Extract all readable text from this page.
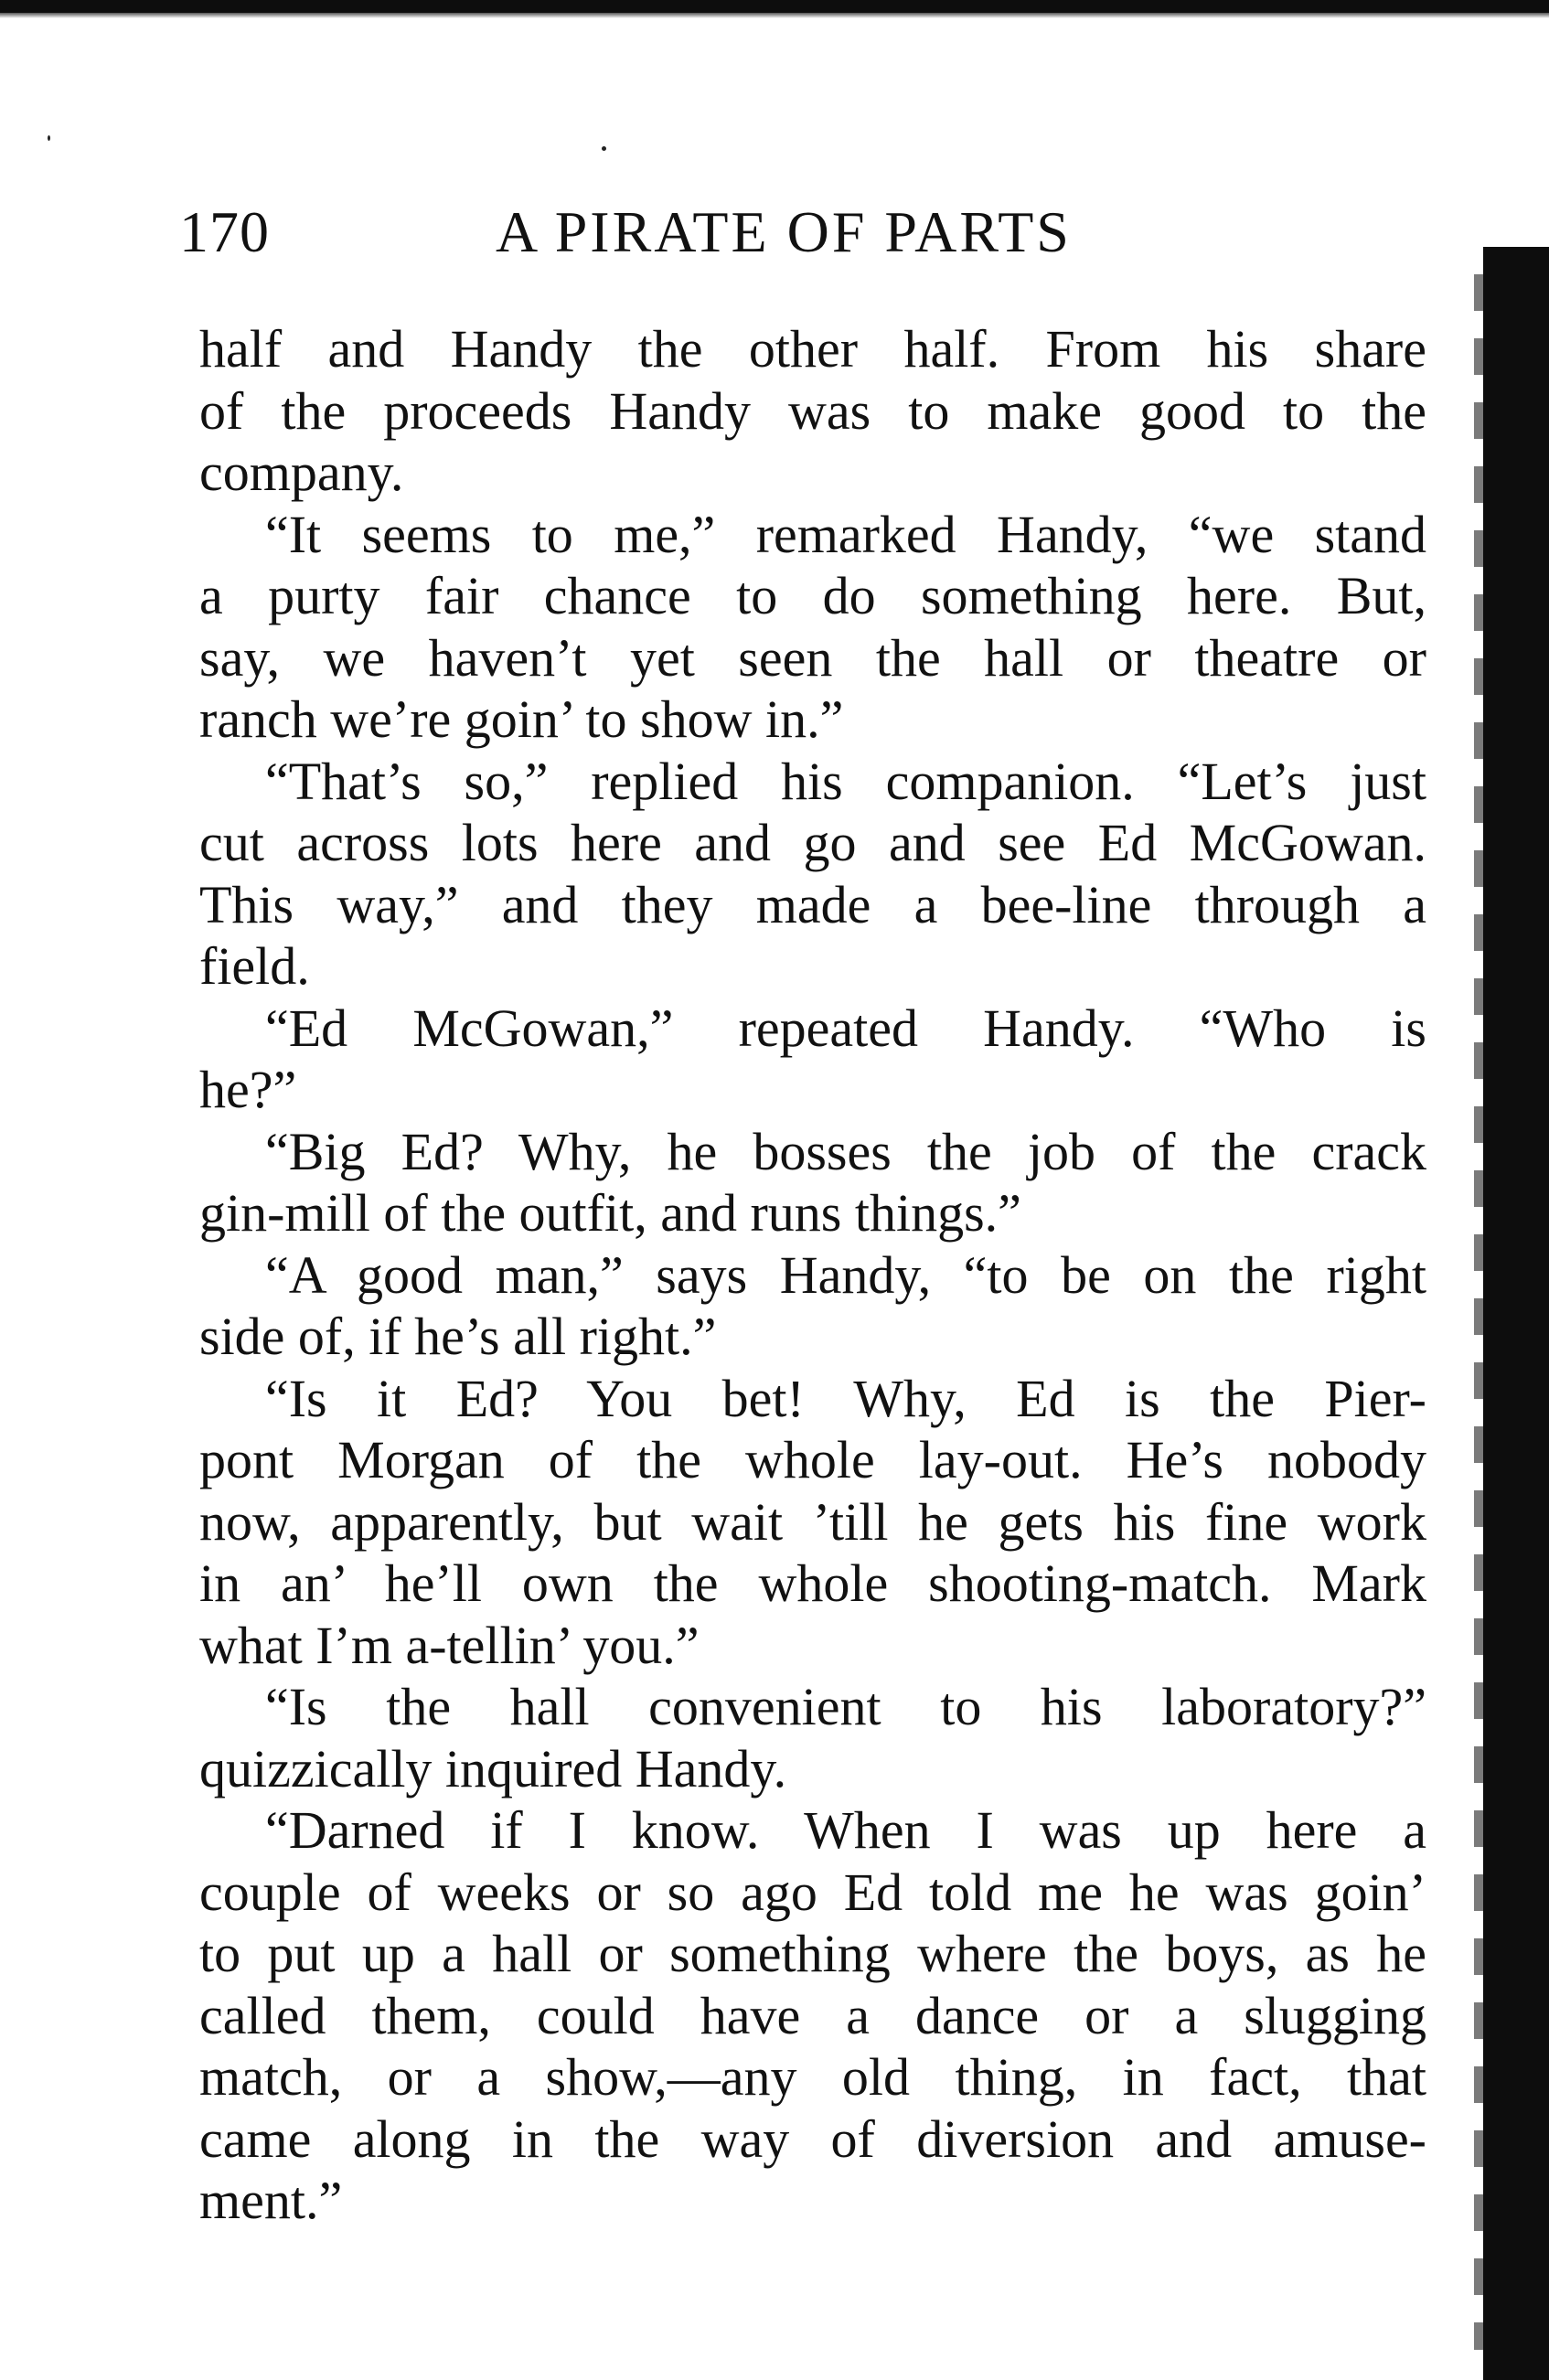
170	A PIRATE OF PARTS
half and Handy the other half. From his share
of the proceeds Handy was to make good to the
company.
“It seems to me,” remarked Handy, “we stand
a purty fair chance to do something here. But,
say, we haven’t yet seen the hall or theatre or
ranch we’re goin’ to show in.”
“That’s so,” replied his companion. “Let’s just
cut across lots here and go and see Ed McGowan.
This way,” and they made a bee-line through a
field.
“Ed McGowan,” repeated Handy. “Who is
he?”
“Big Ed? Why, he bosses the job of the crack
gin-mill of the outfit, and runs things.”
“A good man,” says Handy, “to be on the right
side of, if he’s all right.”
“Is it Ed? You bet! Why, Ed is the Pier-
pont Morgan of the whole lay-out. He’s nobody
now, apparently, but wait ’till he gets his fine work
in an’ he’ll own the whole shooting-match. Mark
what I’m a-tellin’ you.”
“Is the hall convenient to his laboratory?”
quizzically inquired Handy.
“Darned if I know. When I was up here a
couple of weeks or so ago Ed told me he was goin’
to put up a hall or something where the boys, as he
called them, could have a dance or a slugging
match, or a show,—any old thing, in fact, that
came along in the way of diversion and amuse-
ment.”
